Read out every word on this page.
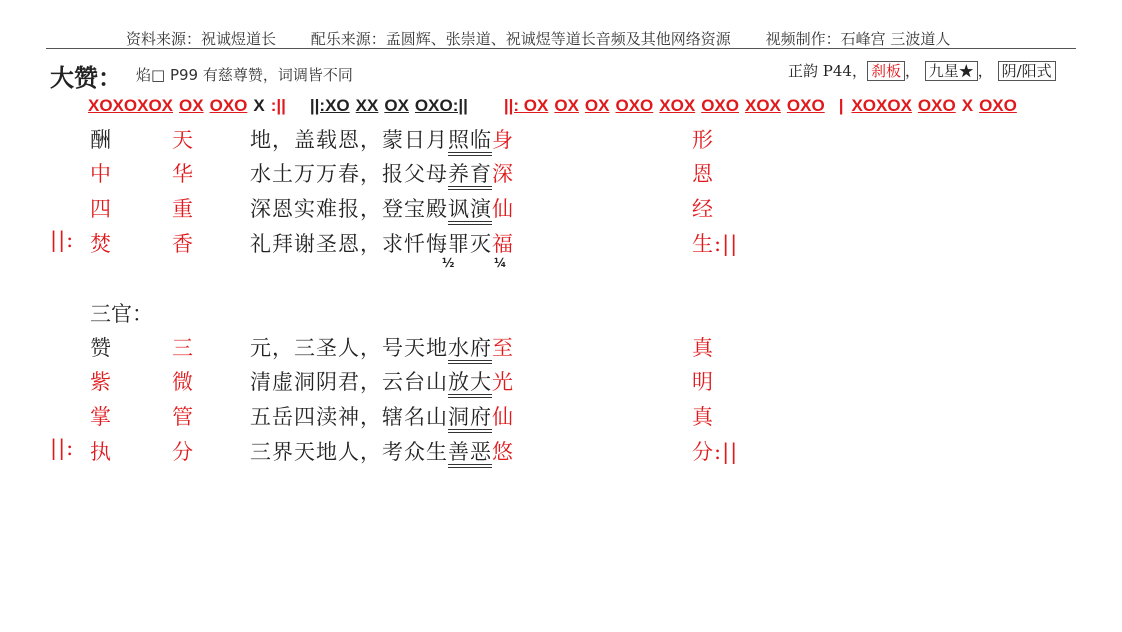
资料来源：祝诚煜道长 配乐来源：孟圆辉、张崇道、祝诚煜等道长音频及其他网络资源 视频制作：石峰宫 三波道人
大赞： 焰□ P99 有慈尊赞，词调皆不同	正韵 P44， 刹板 ， 九星★ ， 阴/阳式
XOXOXOX OX OXO X :|| ||:XO XX OX OXO:|| ||: OX OX OX OXO XOX OXO XOX OXO | XOXOX OXO X OXO
酬	天	地，盖载恩，蒙日月照临身	形
中	华	水土万万春，报父母养育深	恩
四	重	深恩实难报，登宝殿讽演仙	经
||: 焚	香	礼拜谢圣恩，求忏悔罪灭福	生:||
½	¼
三官：
赞	三	元，三圣人，号天地水府至	真
紫	微	清虚洞阴君，云台山放大光	明
掌	管	五岳四渎神，辖名山洞府仙	真
||: 执	分	三界天地人，考众生善恶悠	分:||
